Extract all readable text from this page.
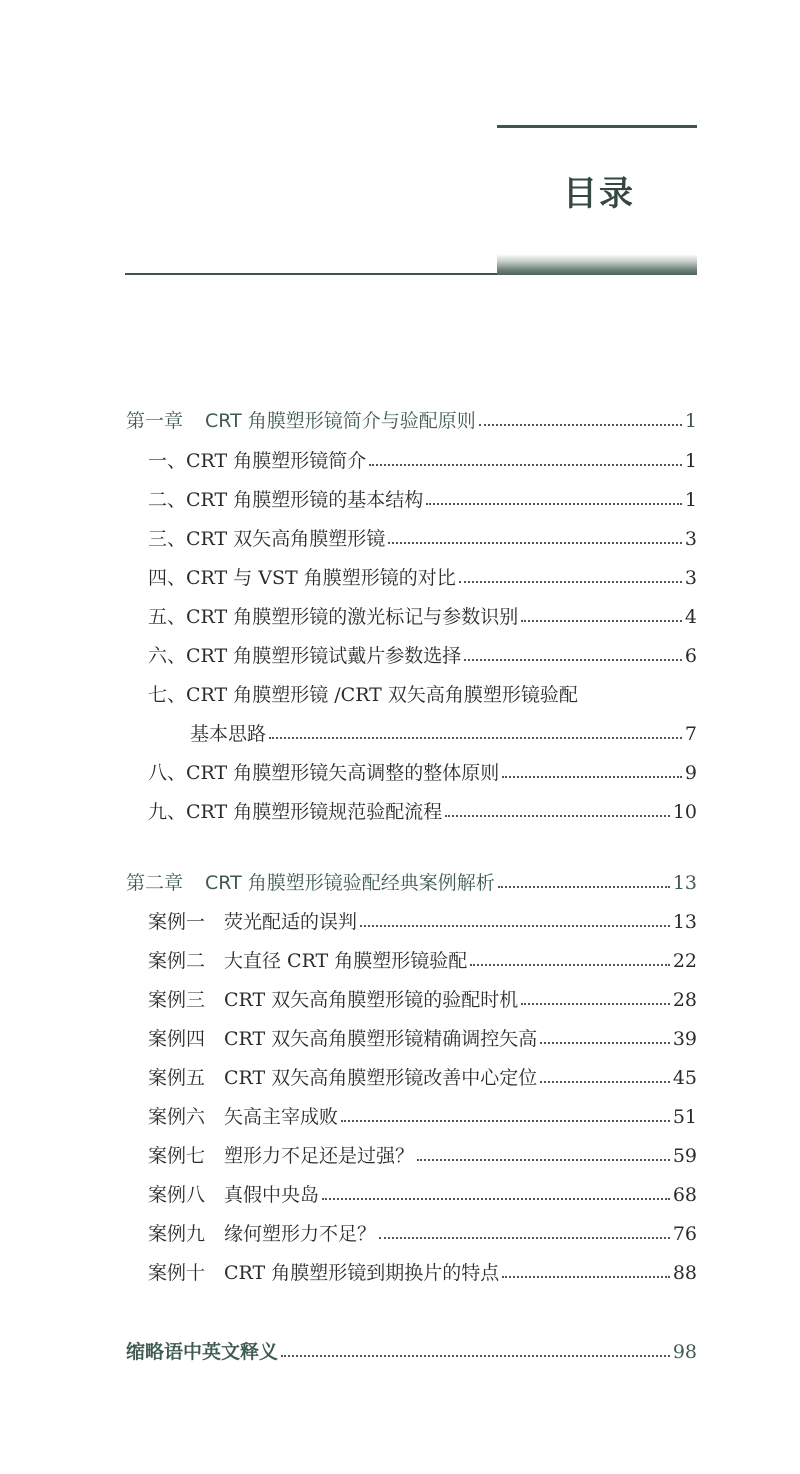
目录
第一章 CRT 角膜塑形镜简介与验配原则	1
一、CRT 角膜塑形镜简介	1
二、CRT 角膜塑形镜的基本结构	1
三、CRT 双矢高角膜塑形镜	3
四、CRT 与 VST 角膜塑形镜的对比	3
五、CRT 角膜塑形镜的激光标记与参数识别	4
六、CRT 角膜塑形镜试戴片参数选择	6
七、CRT 角膜塑形镜 /CRT 双矢高角膜塑形镜验配
基本思路	7
八、CRT 角膜塑形镜矢高调整的整体原则	9
九、CRT 角膜塑形镜规范验配流程	10
第二章 CRT 角膜塑形镜验配经典案例解析	13
案例一　荧光配适的误判	13
案例二　大直径 CRT 角膜塑形镜验配	22
案例三　CRT 双矢高角膜塑形镜的验配时机	28
案例四　CRT 双矢高角膜塑形镜精确调控矢高	39
案例五　CRT 双矢高角膜塑形镜改善中心定位	45
案例六　矢高主宰成败	51
案例七　塑形力不足还是过强？	59
案例八　真假中央岛	68
案例九　缘何塑形力不足？	76
案例十　CRT 角膜塑形镜到期换片的特点	88
缩略语中英文释义	98
